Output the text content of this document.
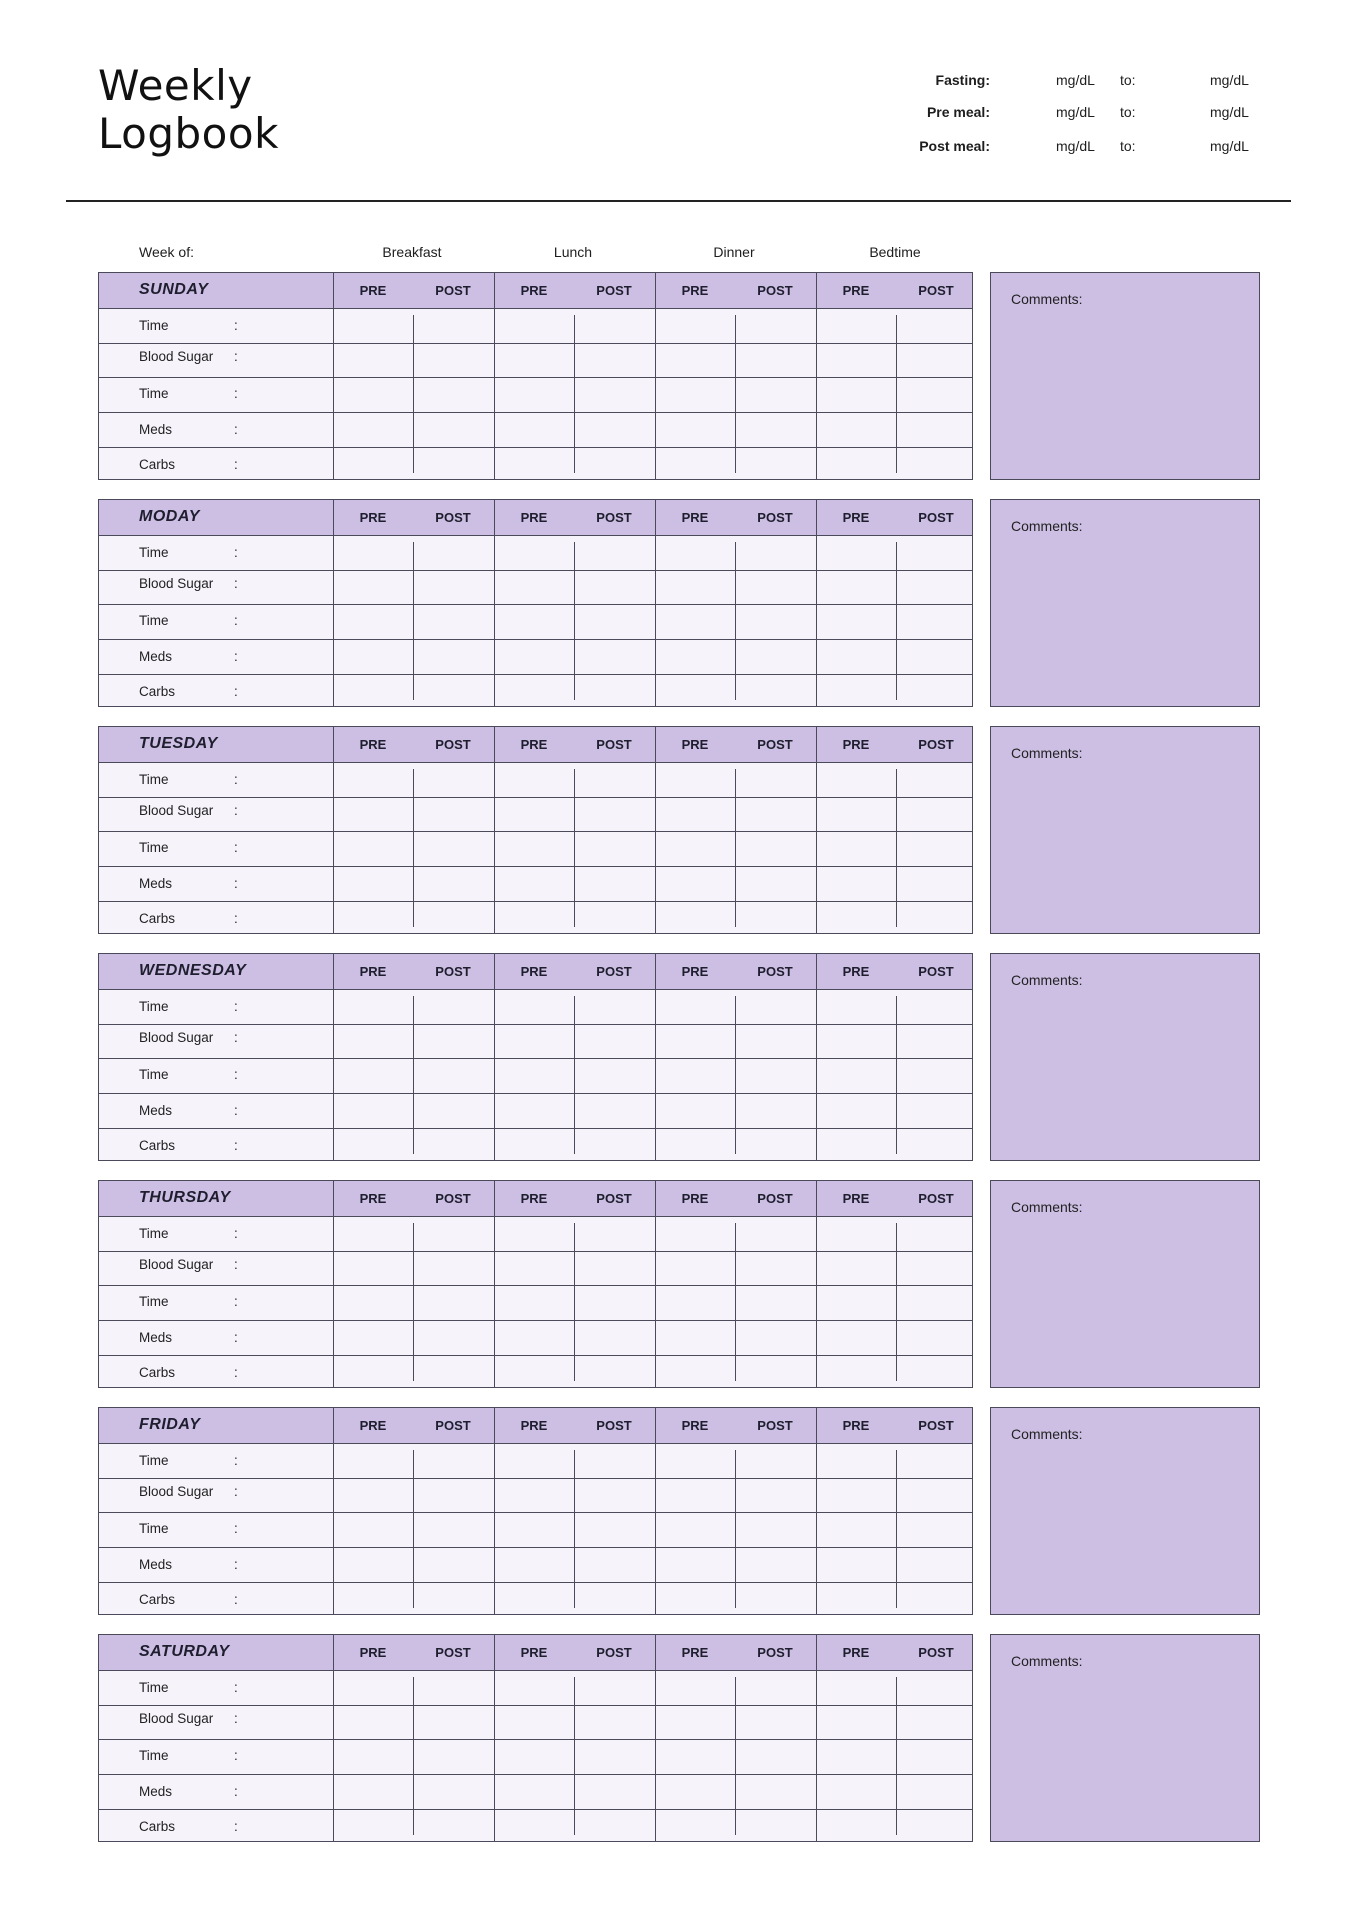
Weekly
Logbook
Fasting:	mg/dL to:	mg/dL
Pre meal:	mg/dL to:	mg/dL
Post meal:	mg/dL to:	mg/dL
Week of:	Breakfast	Lunch	Dinner	Bedtime
SUNDAY	PRE	POST	PRE	POST	PRE	POST	PRE	POST
Time	:
Blood Sugar :
Time	:
Meds	:
Carbs	:
Comments:
MODAY	PRE	POST	PRE	POST	PRE	POST	PRE	POST
Time	:
Blood Sugar :
Time	:
Meds	:
Carbs	:
Comments:
TUESDAY	PRE	POST	PRE	POST	PRE	POST	PRE	POST
Time	:
Blood Sugar :
Time	:
Meds	:
Carbs	:
Comments:
WEDNESDAY	PRE	POST	PRE	POST	PRE	POST	PRE	POST
Time	:
Blood Sugar :
Time	:
Meds	:
Carbs	:
Comments:
THURSDAY	PRE	POST	PRE	POST	PRE	POST	PRE	POST
Time	:
Blood Sugar :
Time	:
Meds	:
Carbs	:
Comments:
FRIDAY	PRE	POST	PRE	POST	PRE	POST	PRE	POST
Time	:
Blood Sugar :
Time	:
Meds	:
Carbs	:
Comments:
SATURDAY	PRE	POST	PRE	POST	PRE	POST	PRE	POST
Time	:
Blood Sugar :
Time	:
Meds	:
Carbs	:
Comments:
